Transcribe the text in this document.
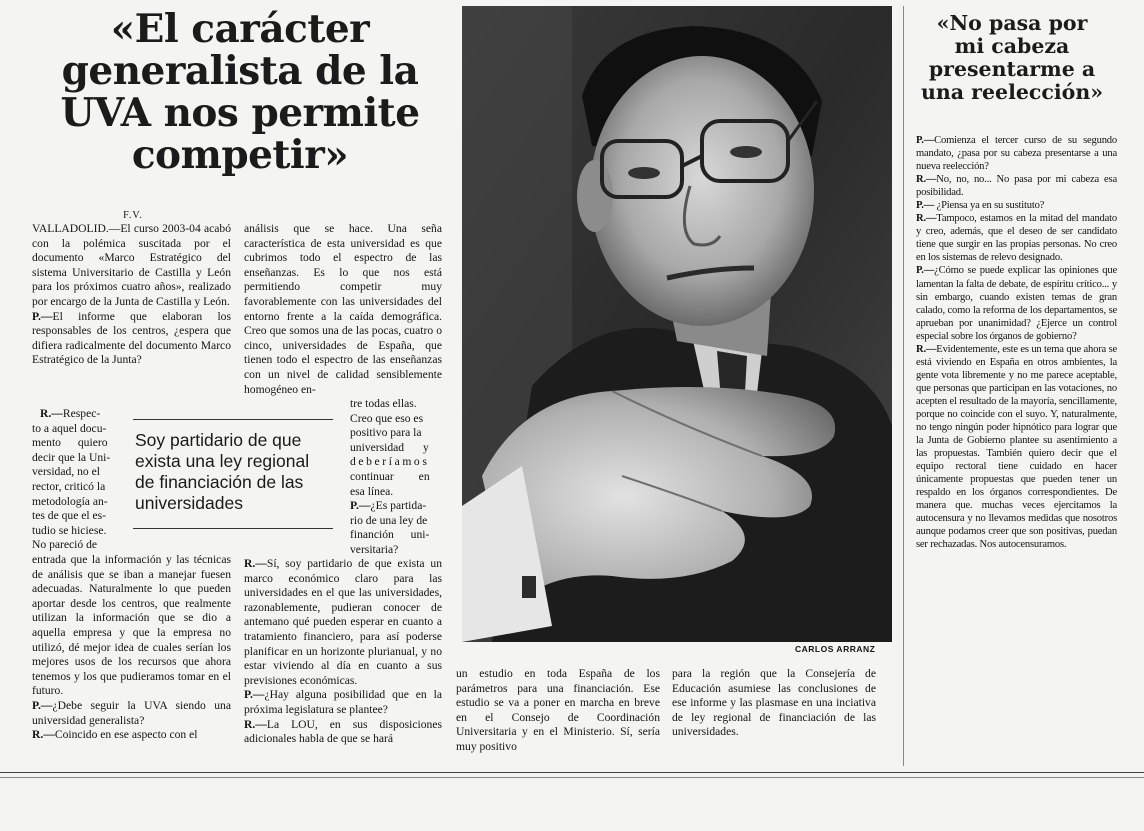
«El carácter
generalista de la
UVA nos permite
competir»
F.V.

VALLADOLID.—El curso 2003-04 acabó con la polémica suscitada por el documento «Marco Estratégico del sistema Universitario de Castilla y León para los próximos cuatro años», realizado por encargo de la Junta de Castilla y León.

P.—El informe que elaboran los responsables de los centros, ¿espera que difiera radicalmente del documento Marco Estratégico de la Junta?

R.—Respec-
to a aquel docu-
mento quiero
decir que la Uni-
versidad, no el
rector, criticó la
metodología an-
tes de que el es-
tudio se hiciese.
No pareció de
Soy partidario de que exista una ley regional de financiación de las universidades

entrada que la información y las técnicas de análisis que se iban a manejar fuesen adecuadas. Naturalmente lo que pueden aportar desde los centros, que realmente utilizan la información que se dio a aquella empresa y que la empresa no utilizó, dé mejor idea de cuales serían los mejores usos de los recursos que ahora tenemos y los que pudieramos tomar en el futuro.

P.—¿Debe seguir la UVA siendo una universidad generalista?

R.—Coincido en ese aspecto con el

análisis que se hace. Una seña característica de esta universidad es que cubrimos todo el espectro de las enseñanzas. Es lo que nos está permitiendo competir muy favorablemente con las universidades del entorno frente a la caída demográfica. Creo que somos una de las pocas, cuatro o cinco, universidades de España, que tienen todo el espectro de las enseñanzas con un nivel de calidad sensiblemente homogéneo en-

tre todas ellas.
Creo que eso es
positivo para la
universidad y
deberíamos
continuar en
esa línea.
P.—¿Es partida-
rio de una ley de
financión uni-
versitaria?

R.—Sí, soy partidario de que exista un marco económico claro para las universidades en el que las universidades, razonablemente, pudieran conocer de antemano qué pueden esperar en cuanto a tratamiento financiero, para así poderse planificar en un horizonte plurianual, y no estar viviendo al día en cuanto a sus previsiones económicas.

P.—¿Hay alguna posibilidad que en la próxima legislatura se plantee?

R.—La LOU, en sus disposiciones adicionales habla de que se hará

CARLOS ARRANZ

un estudio en toda España de los parámetros para una financiación. Ese estudio se va a poner en marcha en breve en el Consejo de Coordinación Universitaria y en el Ministerio. Sí, sería muy positivo

para la región que la Consejería de Educación asumiese las conclusiones de ese informe y las plasmase en una inciativa de ley regional de financiación de las universidades.

«No pasa por
mi cabeza
presentarme a
una reelección»

P.—Comienza el tercer curso de su segundo mandato, ¿pasa por su cabeza presentarse a una nueva reelección?

R.—No, no, no... No pasa por mi cabeza esa posibilidad.

P.— ¿Piensa ya en su sustituto?

R.—Tampoco, estamos en la mitad del mandato y creo, además, que el deseo de ser candidato tiene que surgir en las propias personas. No creo en los sistemas de relevo designado.

P.—¿Cómo se puede explicar las opiniones que lamentan la falta de debate, de espíritu crítico... y sin embargo, cuando existen temas de gran calado, como la reforma de los departamentos, se aprueban por unanimidad? ¿Ejerce un control especial sobre los órganos de gobierno?

R.—Evidentemente, este es un tema que ahora se está viviendo en España en otros ambientes, la gente vota libremente y no me parece aceptable, que personas que participan en las votaciones, no acepten el resultado de la mayoría, sencillamente, porque no coincide con el suyo. Y, naturalmente, no tengo ningún poder hipnótico para lograr que la Junta de Gobierno plantee su asentimiento a las propuestas. También quiero decir que el equipo rectoral tiene cuidado en hacer únicamente propuestas que pueden tener un respaldo en los órganos correspondientes. De manera que. muchas veces ejercitamos la autocensura y no llevamos medidas que nosotros aunque podamos creer que son positivas, puedan ser rechazadas. Nos autocensuramos.
